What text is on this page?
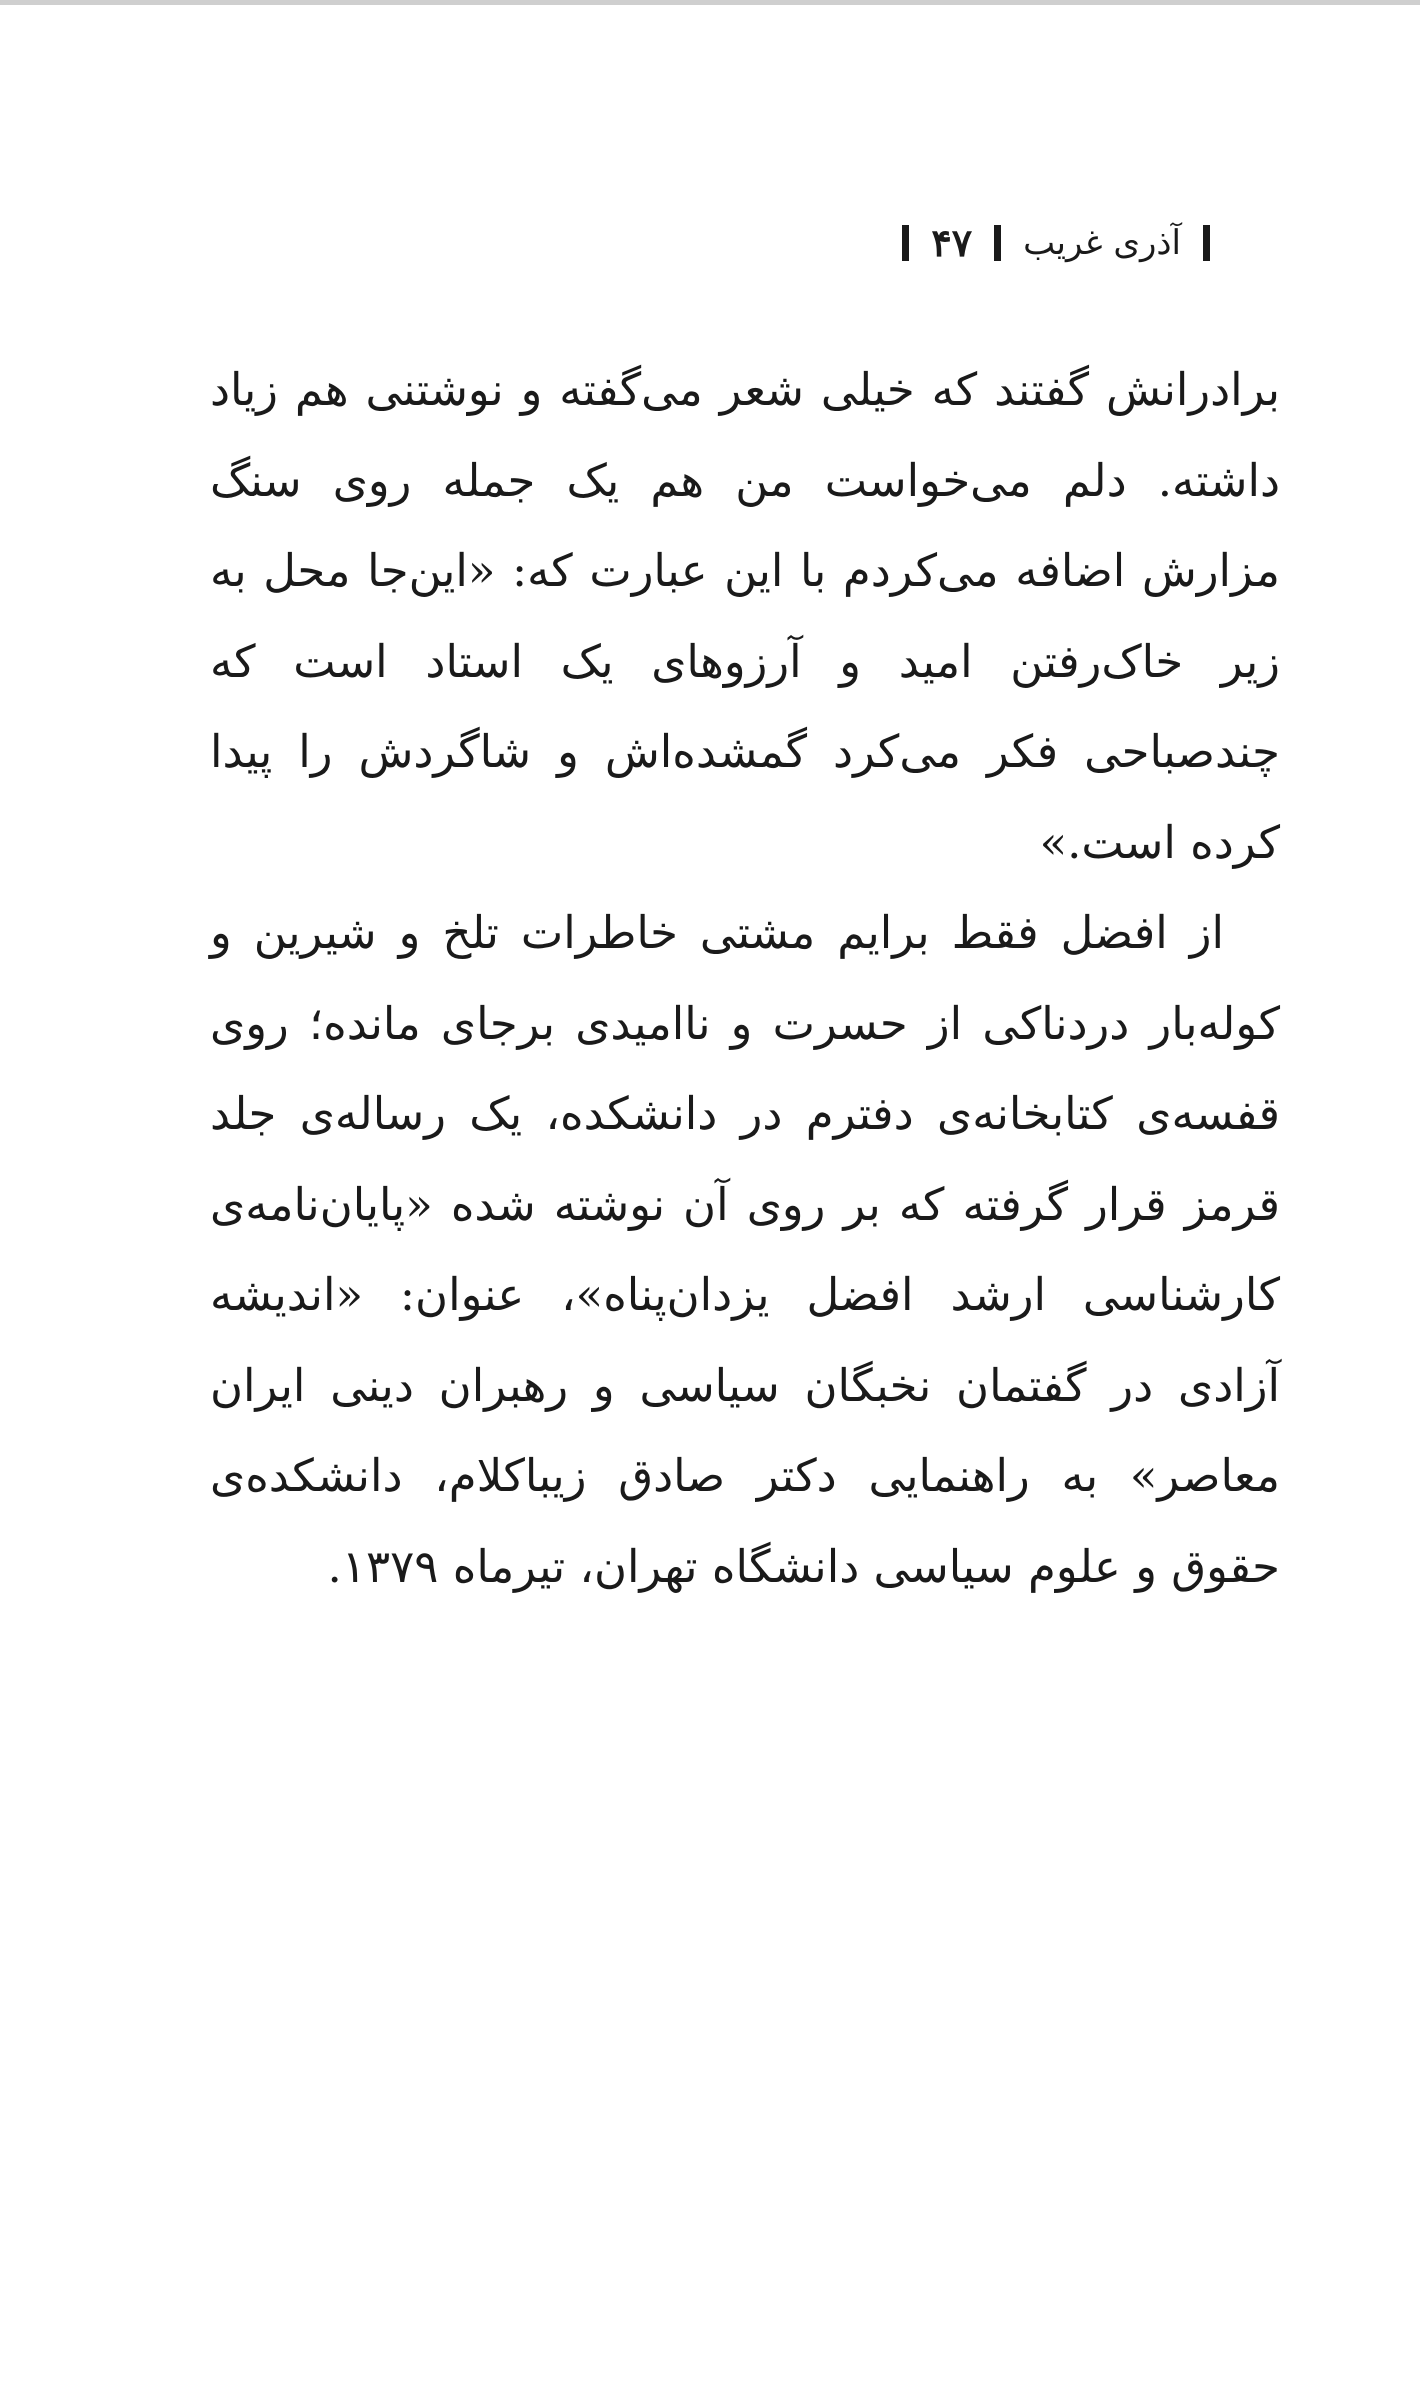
آذری غریب
۴۷

برادرانش گفتند که خیلی شعر می‌گفته و نوشتنی هم زیاد داشته. دلم می‌خواست من هم یک جمله روی سنگ مزارش اضافه می‌کردم با این عبارت که: «این‌جا محل به زیر خاک‌رفتن امید و آرزوهای یک استاد است که چندصباحی فکر می‌کرد گمشده‌اش و شاگردش را پیدا کرده است.»

از افضل فقط برایم مشتی خاطرات تلخ و شیرین و کوله‌بار دردناکی از حسرت و ناامیدی برجای مانده؛ روی قفسه‌ی کتابخانه‌ی دفترم در دانشکده، یک رساله‌ی جلد قرمز قرار گرفته که بر روی آن نوشته شده «پایان‌نامه‌ی کارشناسی ارشد افضل یزدان‌پناه»، عنوان: «اندیشه آزادی در گفتمان نخبگان سیاسی و رهبران دینی ایران معاصر» به راهنمایی دکتر صادق زیباکلام، دانشکده‌ی حقوق و علوم سیاسی دانشگاه تهران، تیرماه ۱۳۷۹.
